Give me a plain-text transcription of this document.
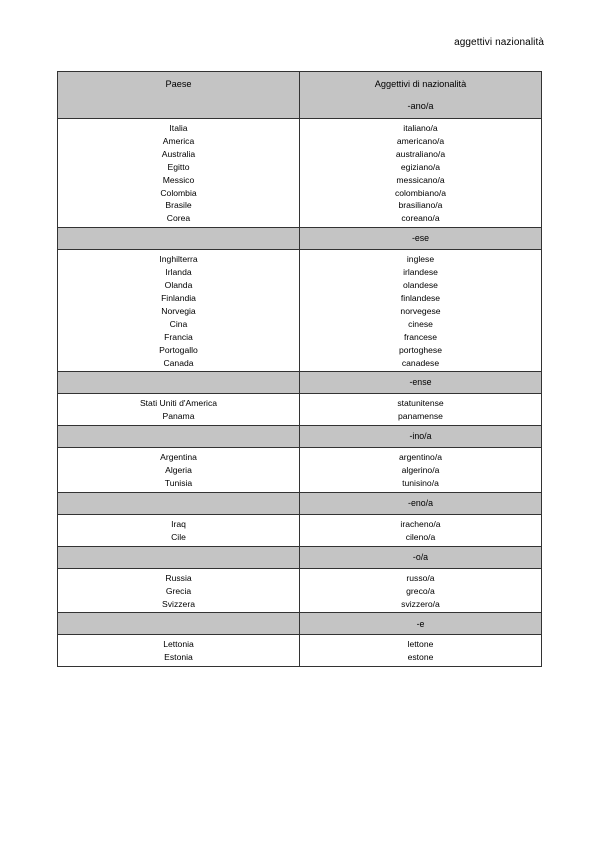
aggettivi nazionalità
Paese	Aggettivi di nazionalità
-ano/a
Italia
America
Australia
Egitto
Messico
Colombia
Brasile
Corea
italiano/a
americano/a
australiano/a
egiziano/a
messicano/a
colombiano/a
brasiliano/a
coreano/a
-ese
Inghilterra
Irlanda
Olanda
Finlandia
Norvegia
Cina
Francia
Portogallo
Canada
inglese
irlandese
olandese
finlandese
norvegese
cinese
francese
portoghese
canadese
-ense
Stati Uniti d'America
Panama
statunitense
panamense
-ino/a
Argentina
Algeria
Tunisia
argentino/a
algerino/a
tunisino/a
-eno/a
Iraq
Cile
iracheno/a
cileno/a
-o/a
Russia
Grecia
Svizzera
russo/a
greco/a
svizzero/a
-e
Lettonia
Estonia
lettone
estone
